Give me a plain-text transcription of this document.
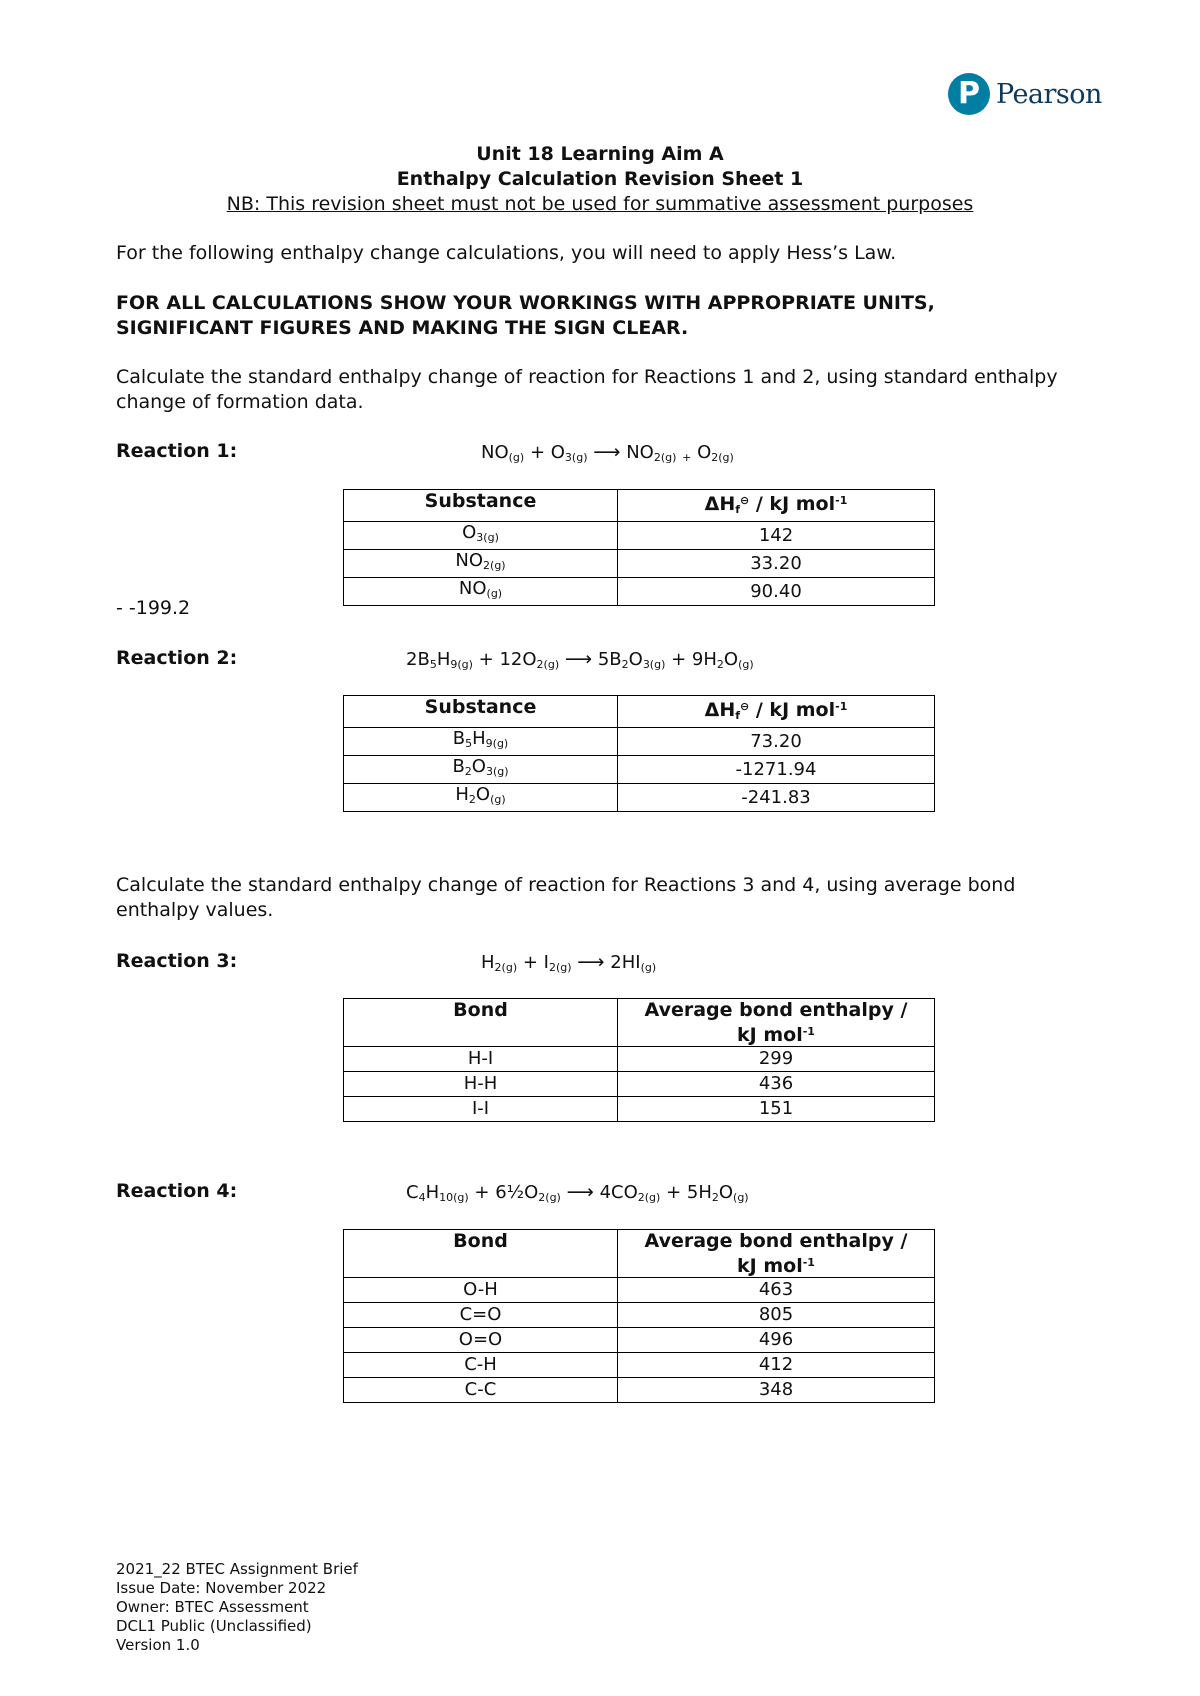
P Pearson
Unit 18 Learning Aim A
Enthalpy Calculation Revision Sheet 1
NB: This revision sheet must not be used for summative assessment purposes
For the following enthalpy change calculations, you will need to apply Hess’s Law.
FOR ALL CALCULATIONS SHOW YOUR WORKINGS WITH APPROPRIATE UNITS, SIGNIFICANT FIGURES AND MAKING THE SIGN CLEAR.
Calculate the standard enthalpy change of reaction for Reactions 1 and 2, using standard enthalpy change of formation data.
Reaction 1:	$NO_{(g)} + O_{3(g)}$ ⟶ $NO_{2(g)}$ $_+$ $O_{2(g)}$
Substance	$\Delta H_f^⊖$ / kJ mol$^{-1}$
$O_{3(g)}$	142
$NO_{2(g)}$	33.20
$NO_{(g)}$	90.40
- -199.2
Reaction 2:	$2B_5H_{9(g)} + 12O_{2(g)}$ ⟶ $5B_2O_{3(g)} + 9H_2O_{(g)}$
Substance	$\Delta H_f^⊖$ / kJ mol$^{-1}$
$B_5H_{9(g)}$	73.20
$B_2O_{3(g)}$	-1271.94
$H_2O_{(g)}$	-241.83
Calculate the standard enthalpy change of reaction for Reactions 3 and 4, using average bond enthalpy values.
Reaction 3:	$H_{2(g)} + I_{2(g)}$ ⟶ $2HI_{(g)}$
Bond	Average bond enthalpy /
kJ mol$^{-1}$
H-I	299
H-H	436
I-I	151
Reaction 4:	$C_4H_{10(g)}$ + $6\frac{1}{2}O_{2(g)}$ ⟶ $4CO_{2(g)} + 5H_2O_{(g)}$
Bond	Average bond enthalpy /
kJ mol$^{-1}$
O-H	463
C=O	805
O=O	496
C-H	412
C-C	348
2021_22 BTEC Assignment Brief
Issue Date: November 2022
Owner: BTEC Assessment
DCL1 Public (Unclassified)
Version 1.0
